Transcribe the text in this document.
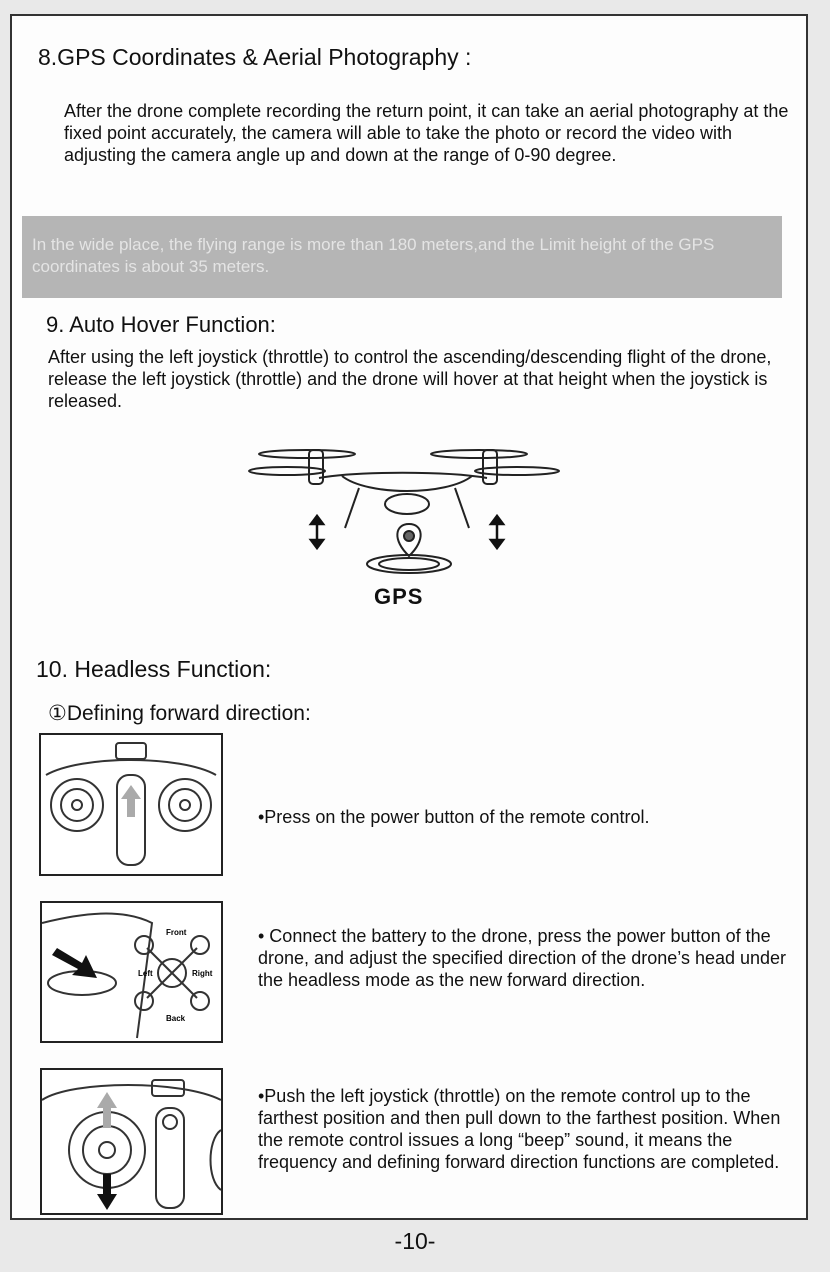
8.GPS Coordinates & Aerial Photography :
After the drone complete recording the return point, it can take an aerial photography at the fixed point accurately, the camera will able to take the photo or record the video with adjusting the camera angle up and down at the range of 0-90 degree.
In the wide place, the flying range is more than 180 meters,and the Limit height of the GPS coordinates is about 35 meters.
9. Auto Hover Function:
After using the left joystick (throttle) to control the ascending/descending flight of the drone, release the left joystick (throttle) and the drone will hover at that height when the joystick is released.
GPS
10. Headless Function:
①Defining forward direction:
•Press on the power button of the remote control.
Front
Back
Left	Right
• Connect the battery to the drone, press the power button of the drone, and adjust the specified direction of the drone’s head under the headless mode as the new forward direction.
•Push the left joystick (throttle) on the remote control up to the farthest position and then pull down to the farthest position. When the remote control issues a long “beep” sound, it means the frequency and defining forward direction functions are completed.
-10-
